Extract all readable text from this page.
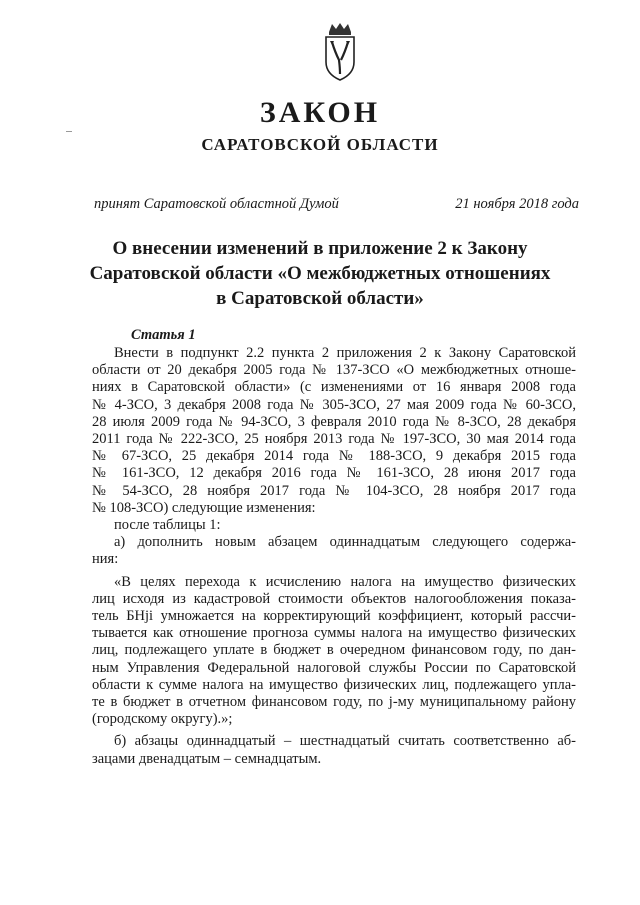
ЗАКОН
САРАТОВСКОЙ ОБЛАСТИ
принят Саратовской областной Думой	21 ноября 2018 года
О внесении изменений в приложение 2 к Закону
Саратовской области «О межбюджетных отношениях
в Саратовской области»
Статья 1
Внести в подпункт 2.2 пункта 2 приложения 2 к Закону Саратовской
области от 20 декабря 2005 года № 137-ЗСО «О межбюджетных отноше-
ниях в Саратовской области» (с изменениями от 16 января 2008 года
№ 4-ЗСО, 3 декабря 2008 года № 305-ЗСО, 27 мая 2009 года № 60-ЗСО,
28 июля 2009 года № 94-ЗСО, 3 февраля 2010 года № 8-ЗСО, 28 декабря
2011 года № 222-ЗСО, 25 ноября 2013 года № 197-ЗСО, 30 мая 2014 года
№ 67-ЗСО, 25 декабря 2014 года № 188-ЗСО, 9 декабря 2015 года
№ 161-ЗСО, 12 декабря 2016 года № 161-ЗСО, 28 июня 2017 года
№ 54-ЗСО, 28 ноября 2017 года № 104-ЗСО, 28 ноября 2017 года
№ 108-ЗСО) следующие изменения:
после таблицы 1:
а) дополнить новым абзацем одиннадцатым следующего содержа-
ния:
«В целях перехода к исчислению налога на имущество физических
лиц исходя из кадастровой стоимости объектов налогообложения показа-
тель БНji умножается на корректирующий коэффициент, который рассчи-
тывается как отношение прогноза суммы налога на имущество физических
лиц, подлежащего уплате в бюджет в очередном финансовом году, по дан-
ным Управления Федеральной налоговой службы России по Саратовской
области к сумме налога на имущество физических лиц, подлежащего упла-
те в бюджет в отчетном финансовом году, по j-му муниципальному району
(городскому округу).»;
б) абзацы одиннадцатый – шестнадцатый считать соответственно аб-
зацами двенадцатым – семнадцатым.
